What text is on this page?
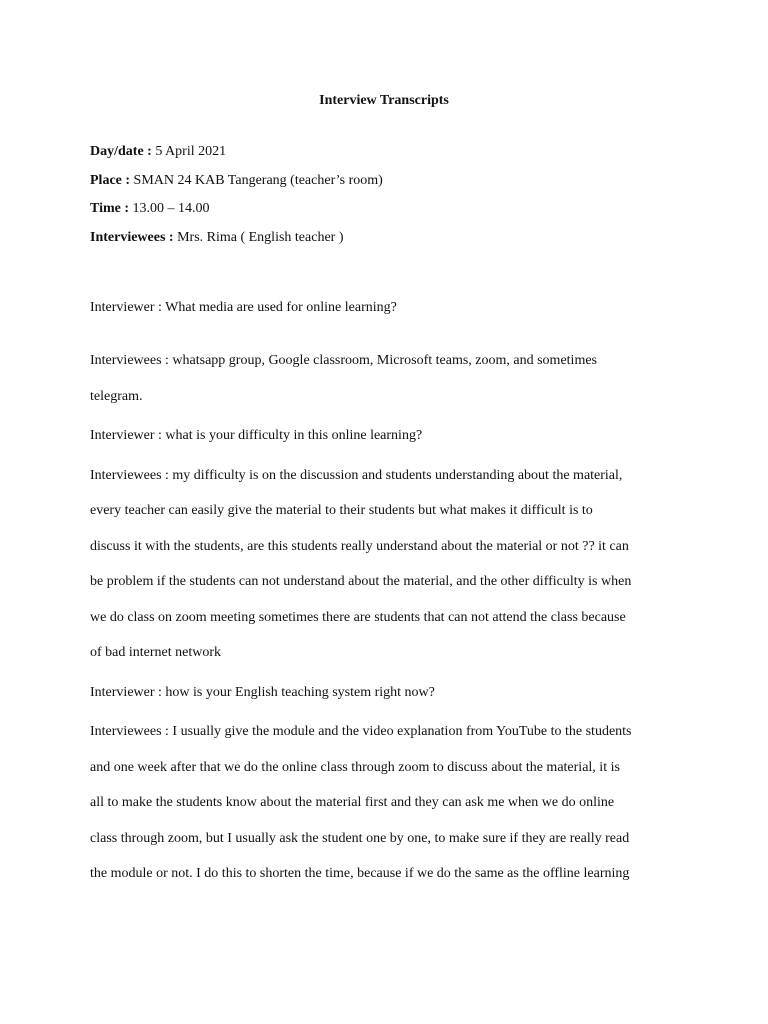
Interview Transcripts

Day/date : 5 April 2021

Place : SMAN 24 KAB Tangerang (teacher’s room)

Time : 13.00 – 14.00

Interviewees : Mrs. Rima ( English teacher )

Interviewer : What media are used for online learning?

Interviewees : whatsapp group, Google classroom, Microsoft teams, zoom, and sometimes
telegram.

Interviewer : what is your difficulty in this online learning?

Interviewees : my difficulty is on the discussion and students understanding about the material,
every teacher can easily give the material to their students but what makes it difficult is to
discuss it with the students, are this students really understand about the material or not ?? it can
be problem if the students can not understand about the material, and the other difficulty is when
we do class on zoom meeting sometimes there are students that can not attend the class because
of bad internet network

Interviewer : how is your English teaching system right now?

Interviewees : I usually give the module and the video explanation from YouTube to the students
and one week after that we do the online class through zoom to discuss about the material, it is
all to make the students know about the material first and they can ask me when we do online
class through zoom, but I usually ask the student one by one, to make sure if they are really read
the module or not. I do this to shorten the time, because if we do the same as the offline learning
